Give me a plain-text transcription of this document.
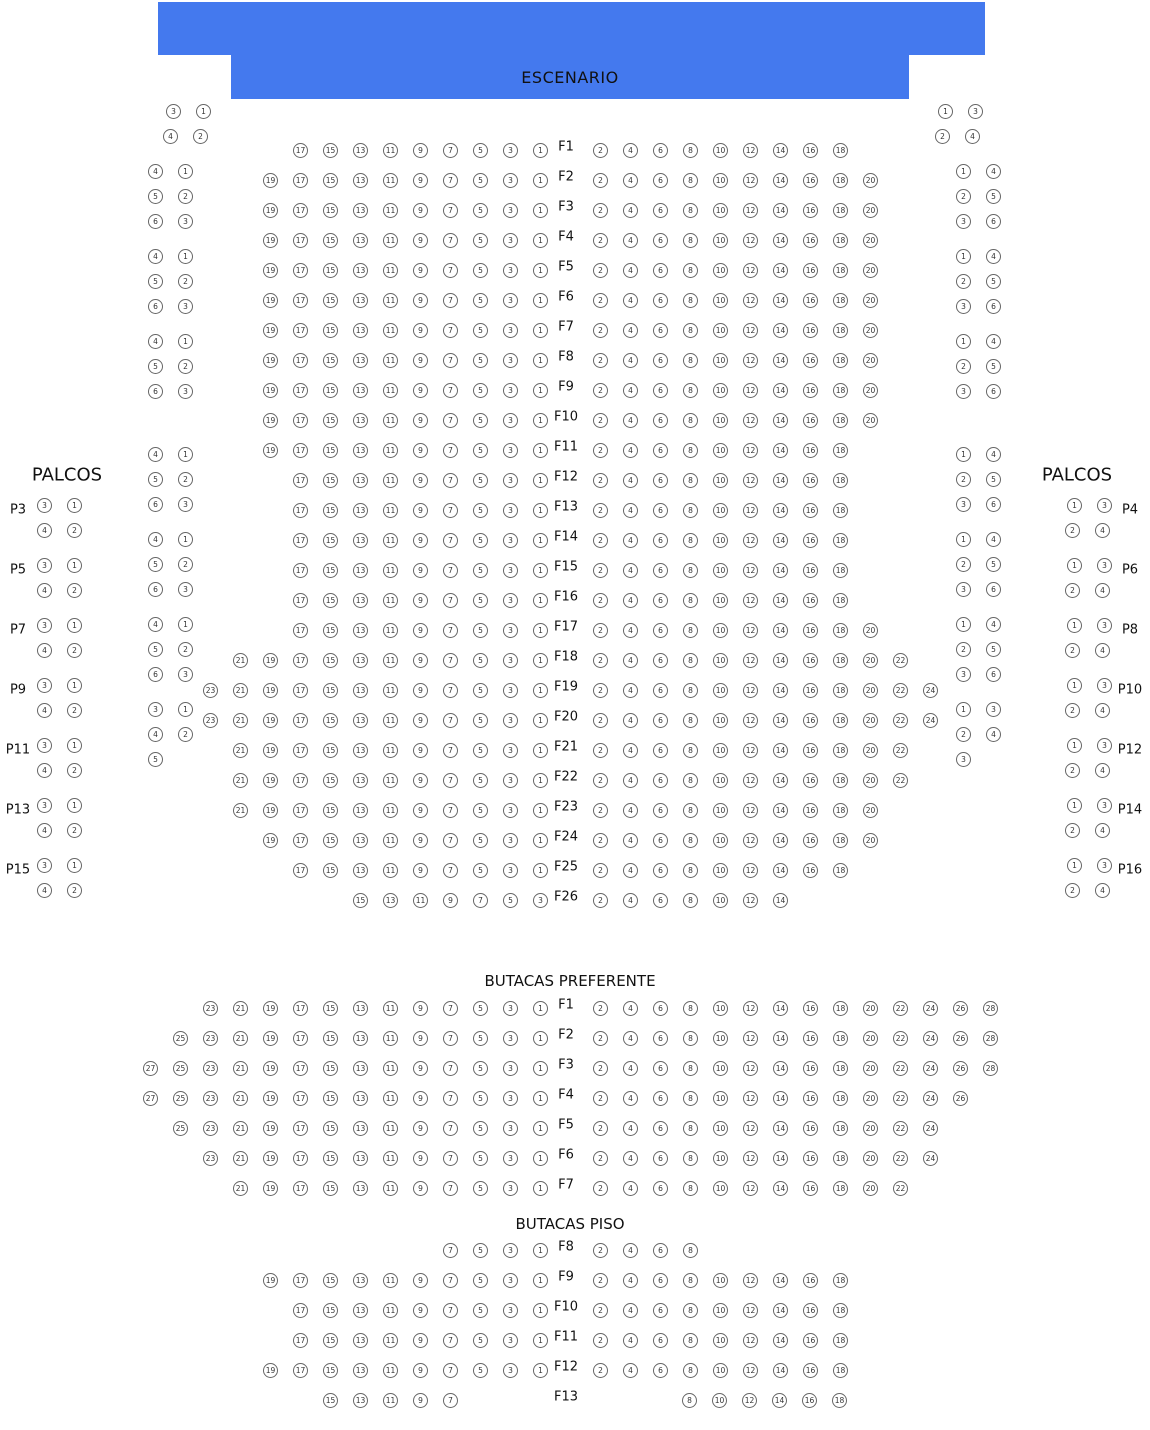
ESCENARIO
PALCOS	PALCOS
BUTACAS PREFERENTE
BUTACAS PISO
F1
17	15	13	11	9	7	5	3	1	2	4	6	8	10	12	14	16	18
F2
19	17	15	13	11	9	7	5	3	1	2	4	6	8	10	12	14	16	18	20
F3
19	17	15	13	11	9	7	5	3	1	2	4	6	8	10	12	14	16	18	20
F4
19	17	15	13	11	9	7	5	3	1	2	4	6	8	10	12	14	16	18	20
F5
19	17	15	13	11	9	7	5	3	1	2	4	6	8	10	12	14	16	18	20
F6
19	17	15	13	11	9	7	5	3	1	2	4	6	8	10	12	14	16	18	20
F7
19	17	15	13	11	9	7	5	3	1	2	4	6	8	10	12	14	16	18	20
F8
19	17	15	13	11	9	7	5	3	1	2	4	6	8	10	12	14	16	18	20
F9
19	17	15	13	11	9	7	5	3	1	2	4	6	8	10	12	14	16	18	20
F10
19	17	15	13	11	9	7	5	3	1	2	4	6	8	10	12	14	16	18	20
F11
19	17	15	13	11	9	7	5	3	1	2	4	6	8	10	12	14	16	18
F12
17	15	13	11	9	7	5	3	1	2	4	6	8	10	12	14	16	18
F13
17	15	13	11	9	7	5	3	1	2	4	6	8	10	12	14	16	18
F14
17	15	13	11	9	7	5	3	1	2	4	6	8	10	12	14	16	18
F15
17	15	13	11	9	7	5	3	1	2	4	6	8	10	12	14	16	18
F16
17	15	13	11	9	7	5	3	1	2	4	6	8	10	12	14	16	18
F17
17	15	13	11	9	7	5	3	1	2	4	6	8	10	12	14	16	18	20
F18
21	19	17	15	13	11	9	7	5	3	1	2	4	6	8	10	12	14	16	18	20	22
F19
23	21	19	17	15	13	11	9	7	5	3	1	2	4	6	8	10	12	14	16	18	20	22	24
F20
23	21	19	17	15	13	11	9	7	5	3	1	2	4	6	8	10	12	14	16	18	20	22	24
F21
21	19	17	15	13	11	9	7	5	3	1	2	4	6	8	10	12	14	16	18	20	22
F22
21	19	17	15	13	11	9	7	5	3	1	2	4	6	8	10	12	14	16	18	20	22
F23
21	19	17	15	13	11	9	7	5	3	1	2	4	6	8	10	12	14	16	18	20
F24
19	17	15	13	11	9	7	5	3	1	2	4	6	8	10	12	14	16	18	20
F25
17	15	13	11	9	7	5	3	1	2	4	6	8	10	12	14	16	18
F26
15	13	11	9	7	5	3	2	4	6	8	10	12	14
F1
23	21	19	17	15	13	11	9	7	5	3	1	2	4	6	8	10	12	14	16	18	20	22	24	26	28
F2
25	23	21	19	17	15	13	11	9	7	5	3	1	2	4	6	8	10	12	14	16	18	20	22	24	26	28
F3
27	25	23	21	19	17	15	13	11	9	7	5	3	1	2	4	6	8	10	12	14	16	18	20	22	24	26	28
F4
27	25	23	21	19	17	15	13	11	9	7	5	3	1	2	4	6	8	10	12	14	16	18	20	22	24	26
F5
25	23	21	19	17	15	13	11	9	7	5	3	1	2	4	6	8	10	12	14	16	18	20	22	24
F6
23	21	19	17	15	13	11	9	7	5	3	1	2	4	6	8	10	12	14	16	18	20	22	24
F7
21	19	17	15	13	11	9	7	5	3	1	2	4	6	8	10	12	14	16	18	20	22
F8
7	5	3	1	2	4	6	8
F9
19	17	15	13	11	9	7	5	3	1	2	4	6	8	10	12	14	16	18
F10
17	15	13	11	9	7	5	3	1	2	4	6	8	10	12	14	16	18
F11
17	15	13	11	9	7	5	3	1	2	4	6	8	10	12	14	16	18
F12
19	17	15	13	11	9	7	5	3	1	2	4	6	8	10	12	14	16	18
F13
15	13	11	9	7	8	10	12	14	16	18
3	1
4	2
4	1
5	2
6	3
4	1
5	2
6	3
4	1
5	2
6	3
4	1
5	2
6	3
4	1
5	2
6	3
4	1
5	2
6	3
3	1
4	2
5
1	3
2	4
1	4
2	5
3	6
1	4
2	5
3	6
1	4
2	5
3	6
1	4
2	5
3	6
1	4
2	5
3	6
1	4
2	5
3	6
1	3
2	4
3
P3	3	1
4	2
P5	3	1
4	2
P7	3	1
4	2
P9	3	1
4	2
P11	3	1
4	2
P13	3	1
4	2
P15	3	1
4	2
P4
1	3
2	4
P6
1	3
2	4
P8
1	3
2	4
P10
1	3
2	4
P12
1	3
2	4
P14
1	3
2	4
P16
1	3
2	4
